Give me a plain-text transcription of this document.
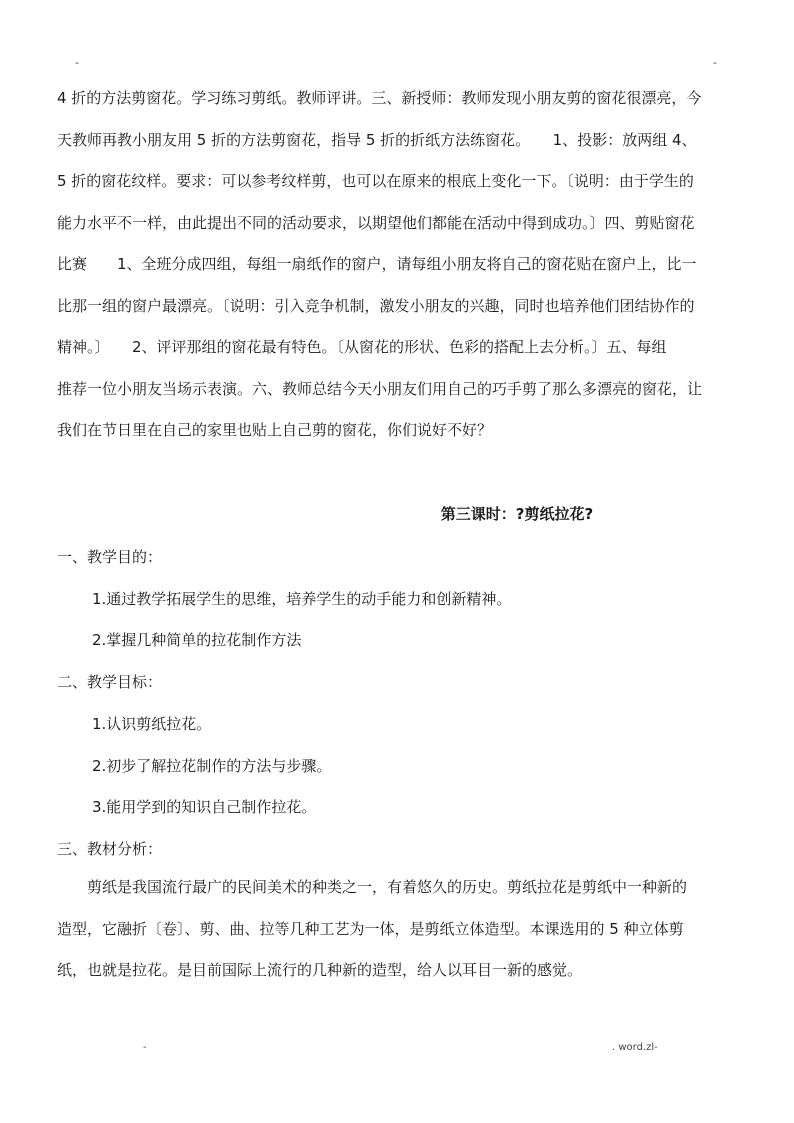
-	-
4 折的方法剪窗花。学习练习剪纸。教师评讲。三、新授师：教师发现小朋友剪的窗花很漂亮，今
天教师再教小朋友用 5 折的方法剪窗花，指导 5 折的折纸方法练窗花。　　1、投影：放两组 4、
5 折的窗花纹样。要求：可以参考纹样剪，也可以在原来的根底上变化一下。〔说明：由于学生的
能力水平不一样，由此提出不同的活动要求，以期望他们都能在活动中得到成功。〕四、剪贴窗花
比赛　　1、全班分成四组，每组一扇纸作的窗户，请每组小朋友将自己的窗花贴在窗户上，比一
比那一组的窗户最漂亮。〔说明：引入竞争机制，激发小朋友的兴趣，同时也培养他们团结协作的
精神。〕　　2、评评那组的窗花最有特色。〔从窗花的形状、色彩的搭配上去分析。〕五、每组
推荐一位小朋友当场示表演。六、教师总结今天小朋友们用自己的巧手剪了那么多漂亮的窗花，让
我们在节日里在自己的家里也贴上自己剪的窗花，你们说好不好？
第三课时：?剪纸拉花?
一、教学目的：
1.通过教学拓展学生的思维，培养学生的动手能力和创新精神。
2.掌握几种简单的拉花制作方法
二、教学目标：
1.认识剪纸拉花。
2.初步了解拉花制作的方法与步骤。
3.能用学到的知识自己制作拉花。
三、教材分析：
　　剪纸是我国流行最广的民间美术的种类之一，有着悠久的历史。剪纸拉花是剪纸中一种新的
造型，它融折〔卷〕、剪、曲、拉等几种工艺为一体，是剪纸立体造型。本课选用的 5 种立体剪
纸，也就是拉花。是目前国际上流行的几种新的造型，给人以耳目一新的感觉。
-	. word.zl-
